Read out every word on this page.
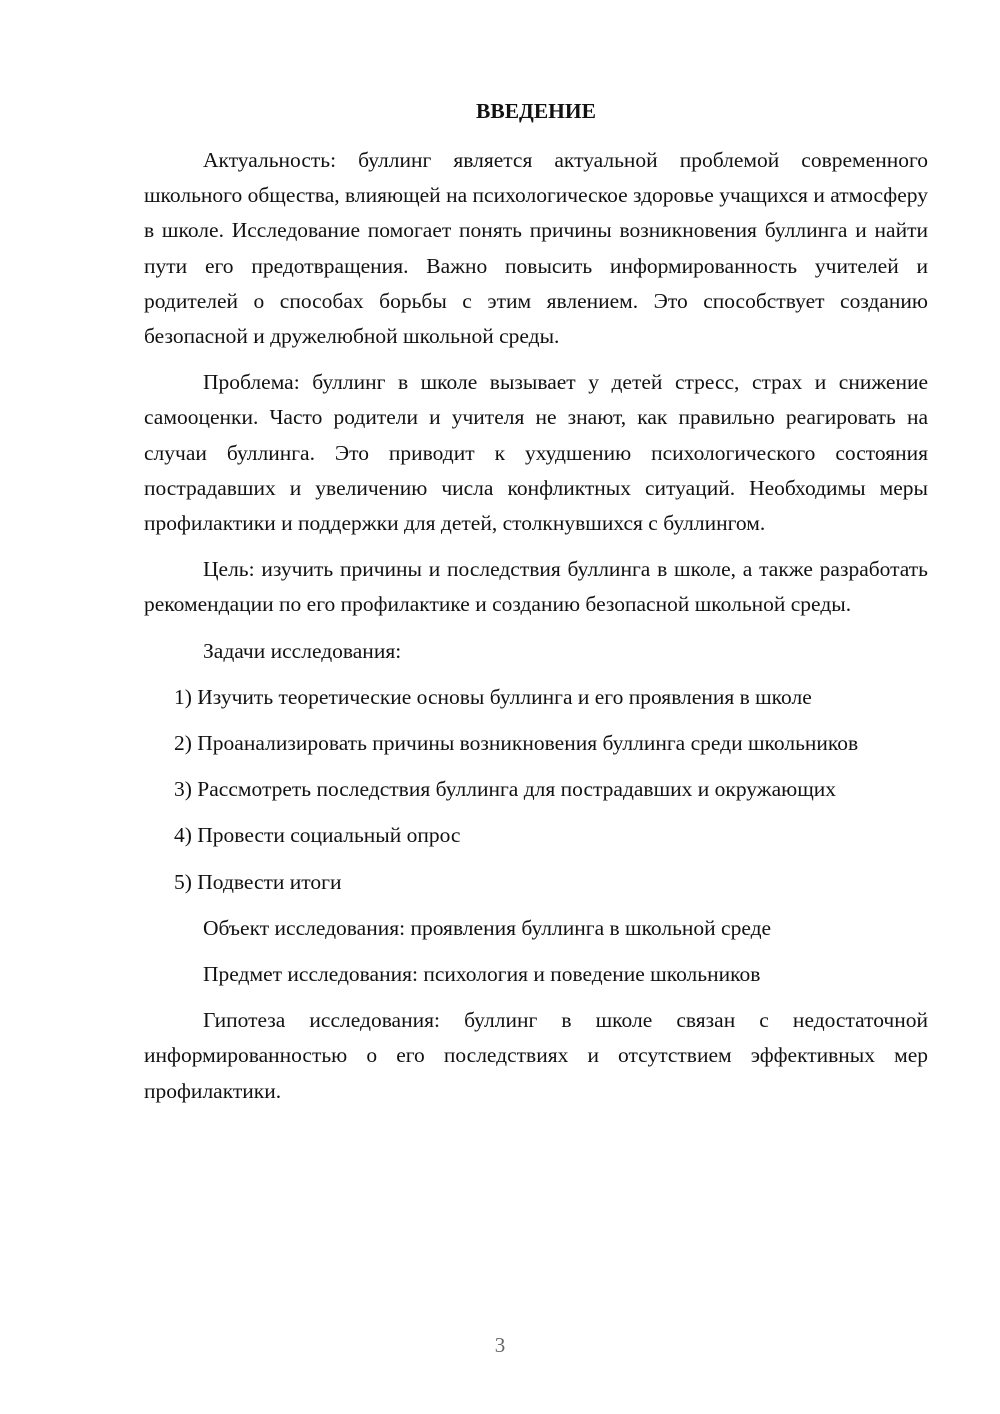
ВВЕДЕНИЕ

Актуальность: буллинг является актуальной проблемой современного школьного общества, влияющей на психологическое здоровье учащихся и атмосферу в школе. Исследование помогает понять причины возникновения буллинга и найти пути его предотвращения. Важно повысить информированность учителей и родителей о способах борьбы с этим явлением. Это способствует созданию безопасной и дружелюбной школьной среды.

Проблема: буллинг в школе вызывает у детей стресс, страх и снижение самооценки. Часто родители и учителя не знают, как правильно реагировать на случаи буллинга. Это приводит к ухудшению психологического состояния пострадавших и увеличению числа конфликтных ситуаций. Необходимы меры профилактики и поддержки для детей, столкнувшихся с буллингом.

Цель: изучить причины и последствия буллинга в школе, а также разработать рекомендации по его профилактике и созданию безопасной школьной среды.

Задачи исследования:

1) Изучить теоретические основы буллинга и его проявления в школе

2) Проанализировать причины возникновения буллинга среди школьников

3) Рассмотреть последствия буллинга для пострадавших и окружающих

4) Провести социальный опрос

5) Подвести итоги

Объект исследования: проявления буллинга в школьной среде

Предмет исследования: психология и поведение школьников

Гипотеза исследования: буллинг в школе связан с недостаточной информированностью о его последствиях и отсутствием эффективных мер профилактики.

3
